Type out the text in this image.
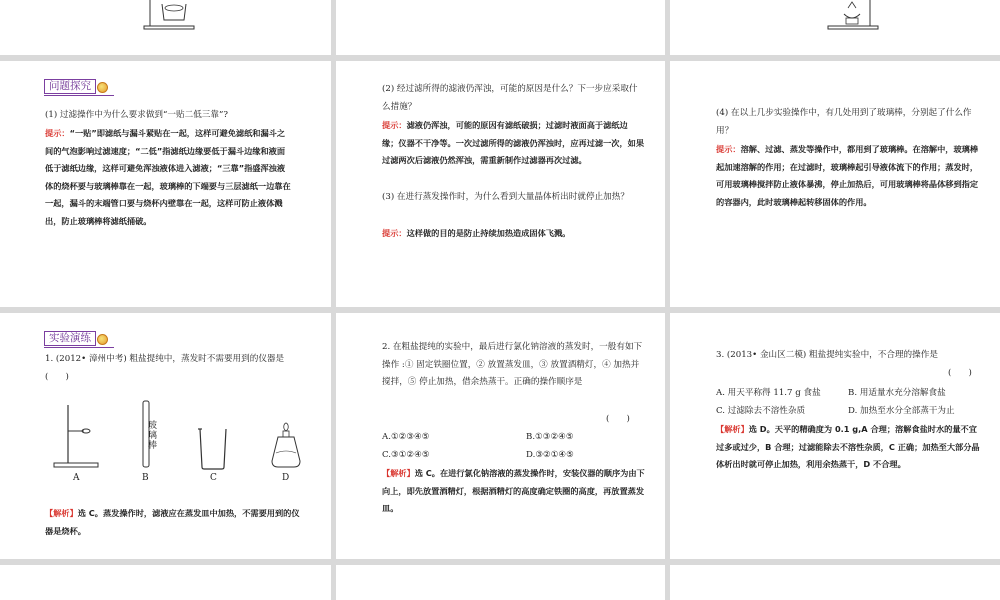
问题探究
(1) 过滤操作中为什么要求做到“一贴二低三靠”?
提示：“一贴”即滤纸与漏斗紧贴在一起，这样可避免滤纸和漏斗之间的气泡影响过滤速度；“二低”指滤纸边缘要低于漏斗边缘和液面低于滤纸边缘，这样可避免浑浊液体进入滤液；“三靠”指盛浑浊液体的烧杯要与玻璃棒靠在一起，玻璃棒的下端要与三层滤纸一边靠在一起，漏斗的末端管口要与烧杯内壁靠在一起，这样可防止液体溅出，防止玻璃棒将滤纸捅破。
(2) 经过滤所得的滤液仍浑浊，可能的原因是什么？下一步应采取什么措施？
提示：滤液仍浑浊，可能的原因有滤纸破损；过滤时液面高于滤纸边缘；仪器不干净等。一次过滤所得的滤液仍浑浊时，应再过滤一次，如果过滤两次后滤液仍然浑浊，需重新制作过滤器再次过滤。
(3) 在进行蒸发操作时，为什么看到大量晶体析出时就停止加热？
提示：这样做的目的是防止持续加热造成固体飞溅。
(4) 在以上几步实验操作中，有几处用到了玻璃棒，分别起了什么作用？
提示：溶解、过滤、蒸发等操作中，都用到了玻璃棒。在溶解中，玻璃棒起加速溶解的作用；在过滤时，玻璃棒起引导液体流下的作用；蒸发时，可用玻璃棒搅拌防止液体暴沸，停止加热后，可用玻璃棒将晶体移到指定的容器内，此时玻璃棒起转移固体的作用。
实验演练
1. (2012• 漳州中考) 粗盐提纯中，蒸发时不需要用到的仪器是(　　)
玻璃棒
A	B	C	D
【解析】选 C。蒸发操作时，滤液应在蒸发皿中加热，不需要用到的仪器是烧杯。
2. 在粗盐提纯的实验中，最后进行氯化钠溶液的蒸发时，一般有如下操作 :① 固定铁圈位置，② 放置蒸发皿，③ 放置酒精灯，④ 加热并搅拌，⑤ 停止加热，借余热蒸干。正确的操作顺序是
(　　)
A.①②③④⑤	B.①③②④⑤
C.③①②④⑤	D.③②①④⑤
【解析】选 C。在进行氯化钠溶液的蒸发操作时，安装仪器的顺序为由下向上，即先放置酒精灯，根据酒精灯的高度确定铁圈的高度，再放置蒸发皿。
3. (2013• 金山区二模) 粗盐提纯实验中，不合理的操作是
(　　)
A. 用天平称得 11.7 g 食盐	B. 用适量水充分溶解食盐
C. 过滤除去不溶性杂质	D. 加热至水分全部蒸干为止
【解析】选 D。天平的精确度为 0.1 g,A 合理；溶解食盐时水的量不宜过多或过少，B 合理；过滤能除去不溶性杂质，C 正确；加热至大部分晶体析出时就可停止加热，利用余热蒸干，D 不合理。
